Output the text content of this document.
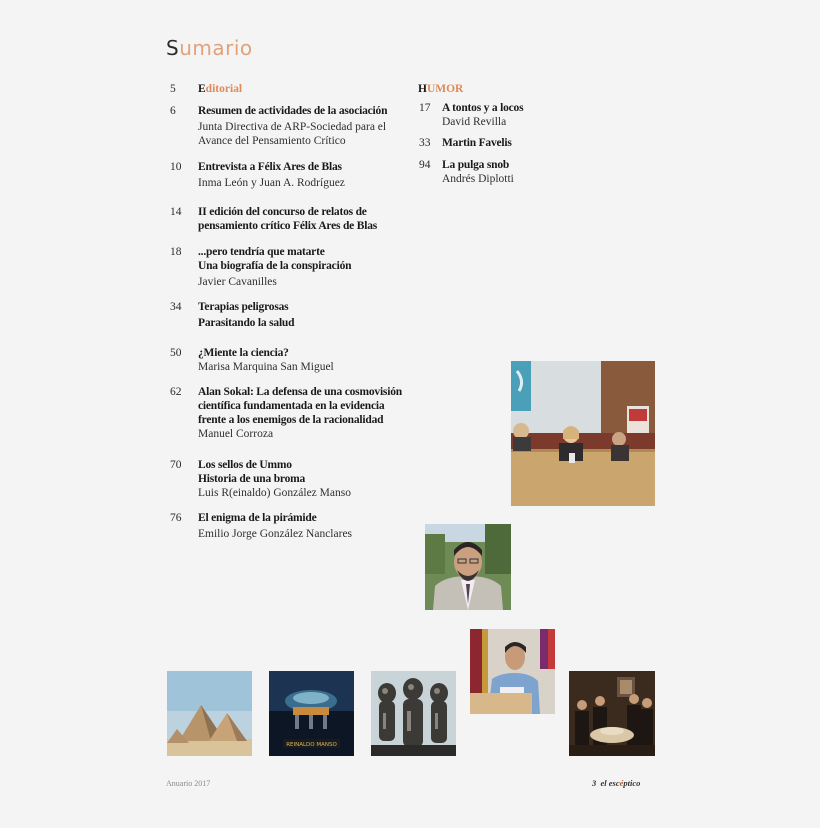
Sumario
5	Editorial
6	Resumen de actividades de la asociación
Junta Directiva de ARP-Sociedad para el Avance del Pensamiento Crítico
10	Entrevista a Félix Ares de Blas
Inma León y Juan A. Rodríguez
14	II edición del concurso de relatos de pensamiento crítico Félix Ares de Blas
18	...pero tendría que matarte
Una biografía de la conspiración
Javier Cavanilles
34	Terapias peligrosas
Parasitando la salud
50	¿Miente la ciencia?
Marisa Marquina San Miguel
62	Alan Sokal: La defensa de una cosmovisión científica fundamentada en la evidencia frente a los enemigos de la racionalidad
Manuel Corroza
70	Los sellos de Ummo
Historia de una broma
Luis R(einaldo) González Manso
76	El enigma de la pirámide
Emilio Jorge González Nanclares
HUMOR
17	A tontos y a locos
David Revilla
33	Martin Favelis
94	La pulga snob
Andrés Diplotti
REINALDO MANSO
Anuario 2017	3 el escéptico
